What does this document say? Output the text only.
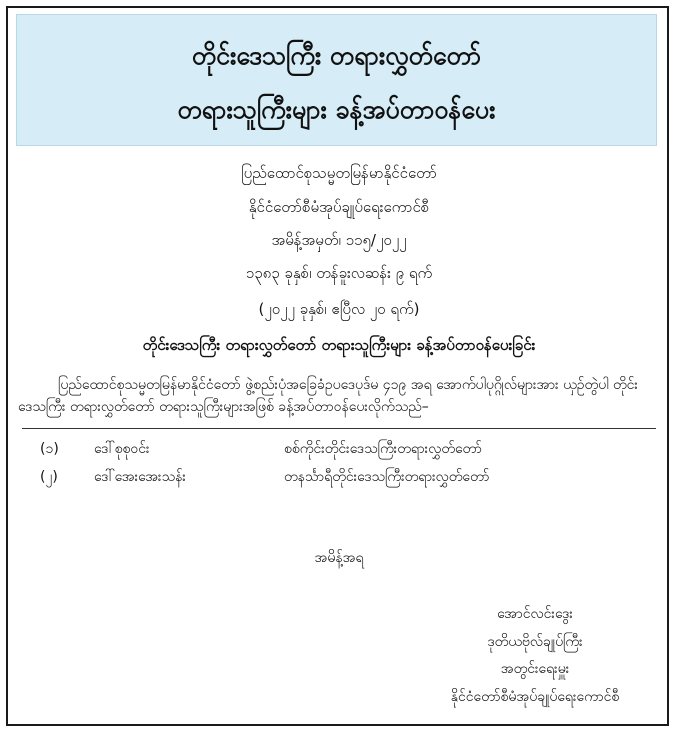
တိုင်းဒေသကြီး တရားလွှတ်တော်
တရားသူကြီးများ ခန့်အပ်တာဝန်ပေး
ပြည်ထောင်စုသမ္မတမြန်မာနိုင်ငံတော်
နိုင်ငံတော်စီမံအုပ်ချုပ်ရေးကောင်စီ
အမိန့်အမှတ်၊ ၁၁၅/၂၀၂၂
၁၃၈၃ ခုနှစ်၊ တန်ခူးလဆန်း ၉ ရက်
(၂၀၂၂ ခုနှစ်၊ ဧပြီလ ၂၀ ရက်)
တိုင်းဒေသကြီး တရားလွှတ်တော် တရားသူကြီးများ ခန့်အပ်တာဝန်ပေးခြင်း
ပြည်ထောင်စုသမ္မတမြန်မာနိုင်ငံတော် ဖွဲ့စည်းပုံအခြေခံဥပဒေပုဒ်မ ၄၁၉ အရ အောက်ပါပုဂ္ဂိုလ်များအား ယှဉ်တွဲပါ တိုင်းဒေသကြီး တရားလွှတ်တော် တရားသူကြီးများအဖြစ် ခန့်အပ်တာဝန်ပေးလိုက်သည်–
(၁)	ဒေါ်စုစုဝင်း	စစ်ကိုင်းတိုင်းဒေသကြီးတရားလွှတ်တော်
(၂)	ဒေါ်အေးအေးသန်း	တနင်္သာရီတိုင်းဒေသကြီးတရားလွှတ်တော်
အမိန့်အရ
အောင်လင်းဒွေး
ဒုတိယဗိုလ်ချုပ်ကြီး
အတွင်းရေးမှူး
နိုင်ငံတော်စီမံအုပ်ချုပ်ရေးကောင်စီ
